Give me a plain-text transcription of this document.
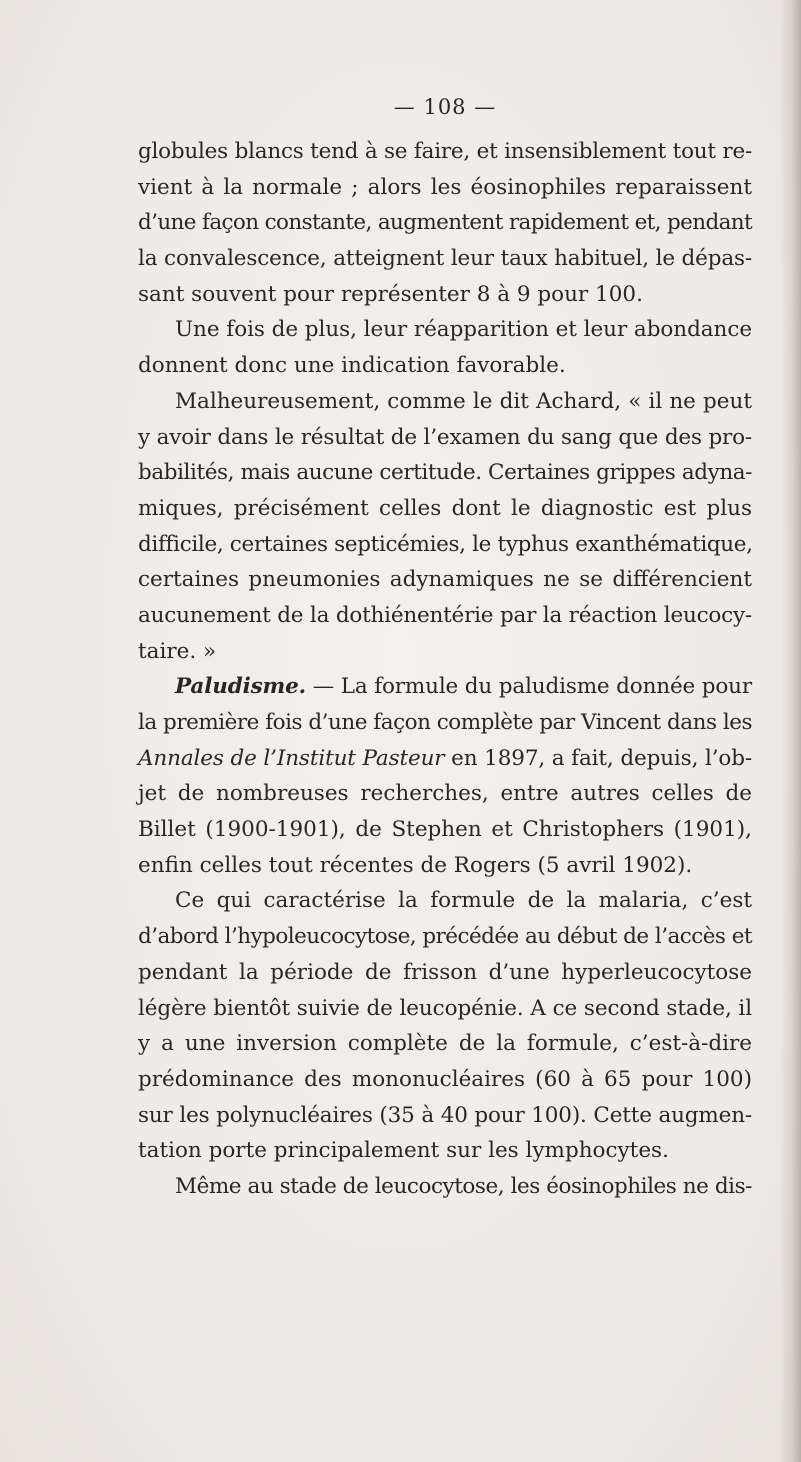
— 108 —
globules blancs tend à se faire, et insensiblement tout re-
vient à la normale ; alors les éosinophiles reparaissent
d’une façon constante, augmentent rapidement et, pendant
la convalescence, atteignent leur taux habituel, le dépas-
sant souvent pour représenter 8 à 9 pour 100.
Une fois de plus, leur réapparition et leur abondance
donnent donc une indication favorable.
Malheureusement, comme le dit Achard, « il ne peut
y avoir dans le résultat de l’examen du sang que des pro-
babilités, mais aucune certitude. Certaines grippes adyna-
miques, précisément celles dont le diagnostic est plus
difficile, certaines septicémies, le typhus exanthématique,
certaines pneumonies adynamiques ne se différencient
aucunement de la dothiénentérie par la réaction leucocy-
taire. »
Paludisme. — La formule du paludisme donnée pour
la première fois d’une façon complète par Vincent dans les
Annales de l’Institut Pasteur en 1897, a fait, depuis, l’ob-
jet de nombreuses recherches, entre autres celles de
Billet (1900-1901), de Stephen et Christophers (1901),
enfin celles tout récentes de Rogers (5 avril 1902).
Ce qui caractérise la formule de la malaria, c’est
d’abord l’hypoleucocytose, précédée au début de l’accès et
pendant la période de frisson d’une hyperleucocytose
légère bientôt suivie de leucopénie. A ce second stade, il
y a une inversion complète de la formule, c’est-à-dire
prédominance des mononucléaires (60 à 65 pour 100)
sur les polynucléaires (35 à 40 pour 100). Cette augmen-
tation porte principalement sur les lymphocytes.
Même au stade de leucocytose, les éosinophiles ne dis-
